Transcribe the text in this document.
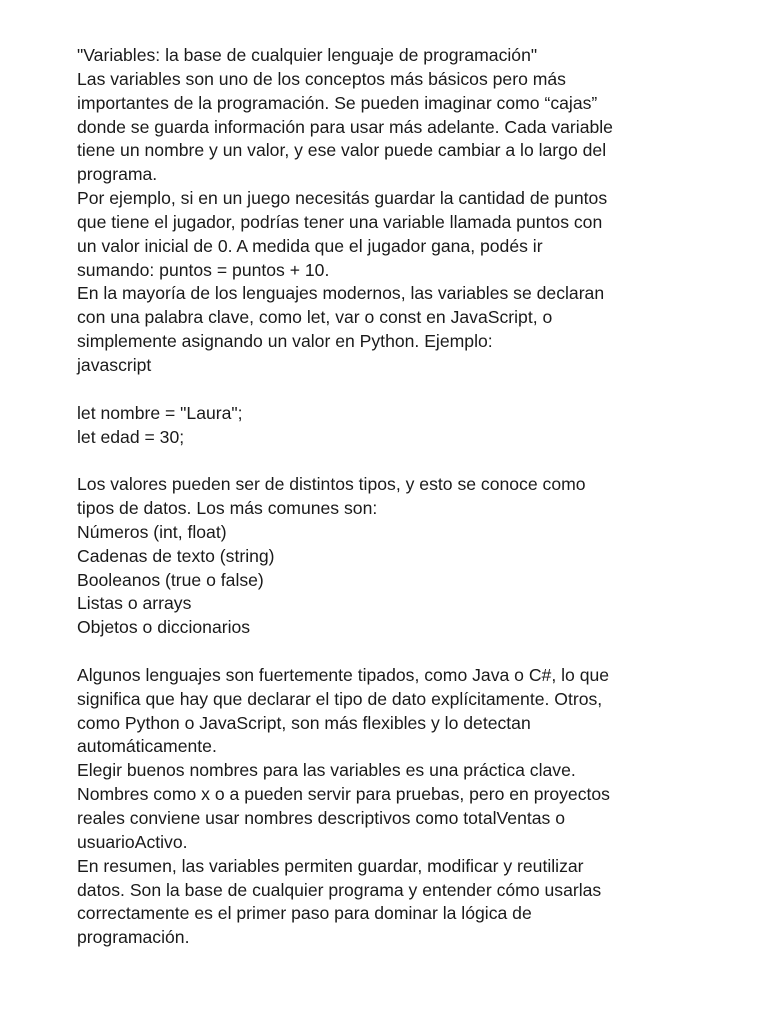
"Variables: la base de cualquier lenguaje de programación"
Las variables son uno de los conceptos más básicos pero más
importantes de la programación. Se pueden imaginar como “cajas”
donde se guarda información para usar más adelante. Cada variable
tiene un nombre y un valor, y ese valor puede cambiar a lo largo del
programa.
Por ejemplo, si en un juego necesitás guardar la cantidad de puntos
que tiene el jugador, podrías tener una variable llamada puntos con
un valor inicial de 0. A medida que el jugador gana, podés ir
sumando: puntos = puntos + 10.
En la mayoría de los lenguajes modernos, las variables se declaran
con una palabra clave, como let, var o const en JavaScript, o
simplemente asignando un valor en Python. Ejemplo:
javascript
let nombre = "Laura";
let edad = 30;
Los valores pueden ser de distintos tipos, y esto se conoce como
tipos de datos. Los más comunes son:
Números (int, float)
Cadenas de texto (string)
Booleanos (true o false)
Listas o arrays
Objetos o diccionarios
Algunos lenguajes son fuertemente tipados, como Java o C#, lo que
significa que hay que declarar el tipo de dato explícitamente. Otros,
como Python o JavaScript, son más flexibles y lo detectan
automáticamente.
Elegir buenos nombres para las variables es una práctica clave.
Nombres como x o a pueden servir para pruebas, pero en proyectos
reales conviene usar nombres descriptivos como totalVentas o
usuarioActivo.
En resumen, las variables permiten guardar, modificar y reutilizar
datos. Son la base de cualquier programa y entender cómo usarlas
correctamente es el primer paso para dominar la lógica de
programación.
